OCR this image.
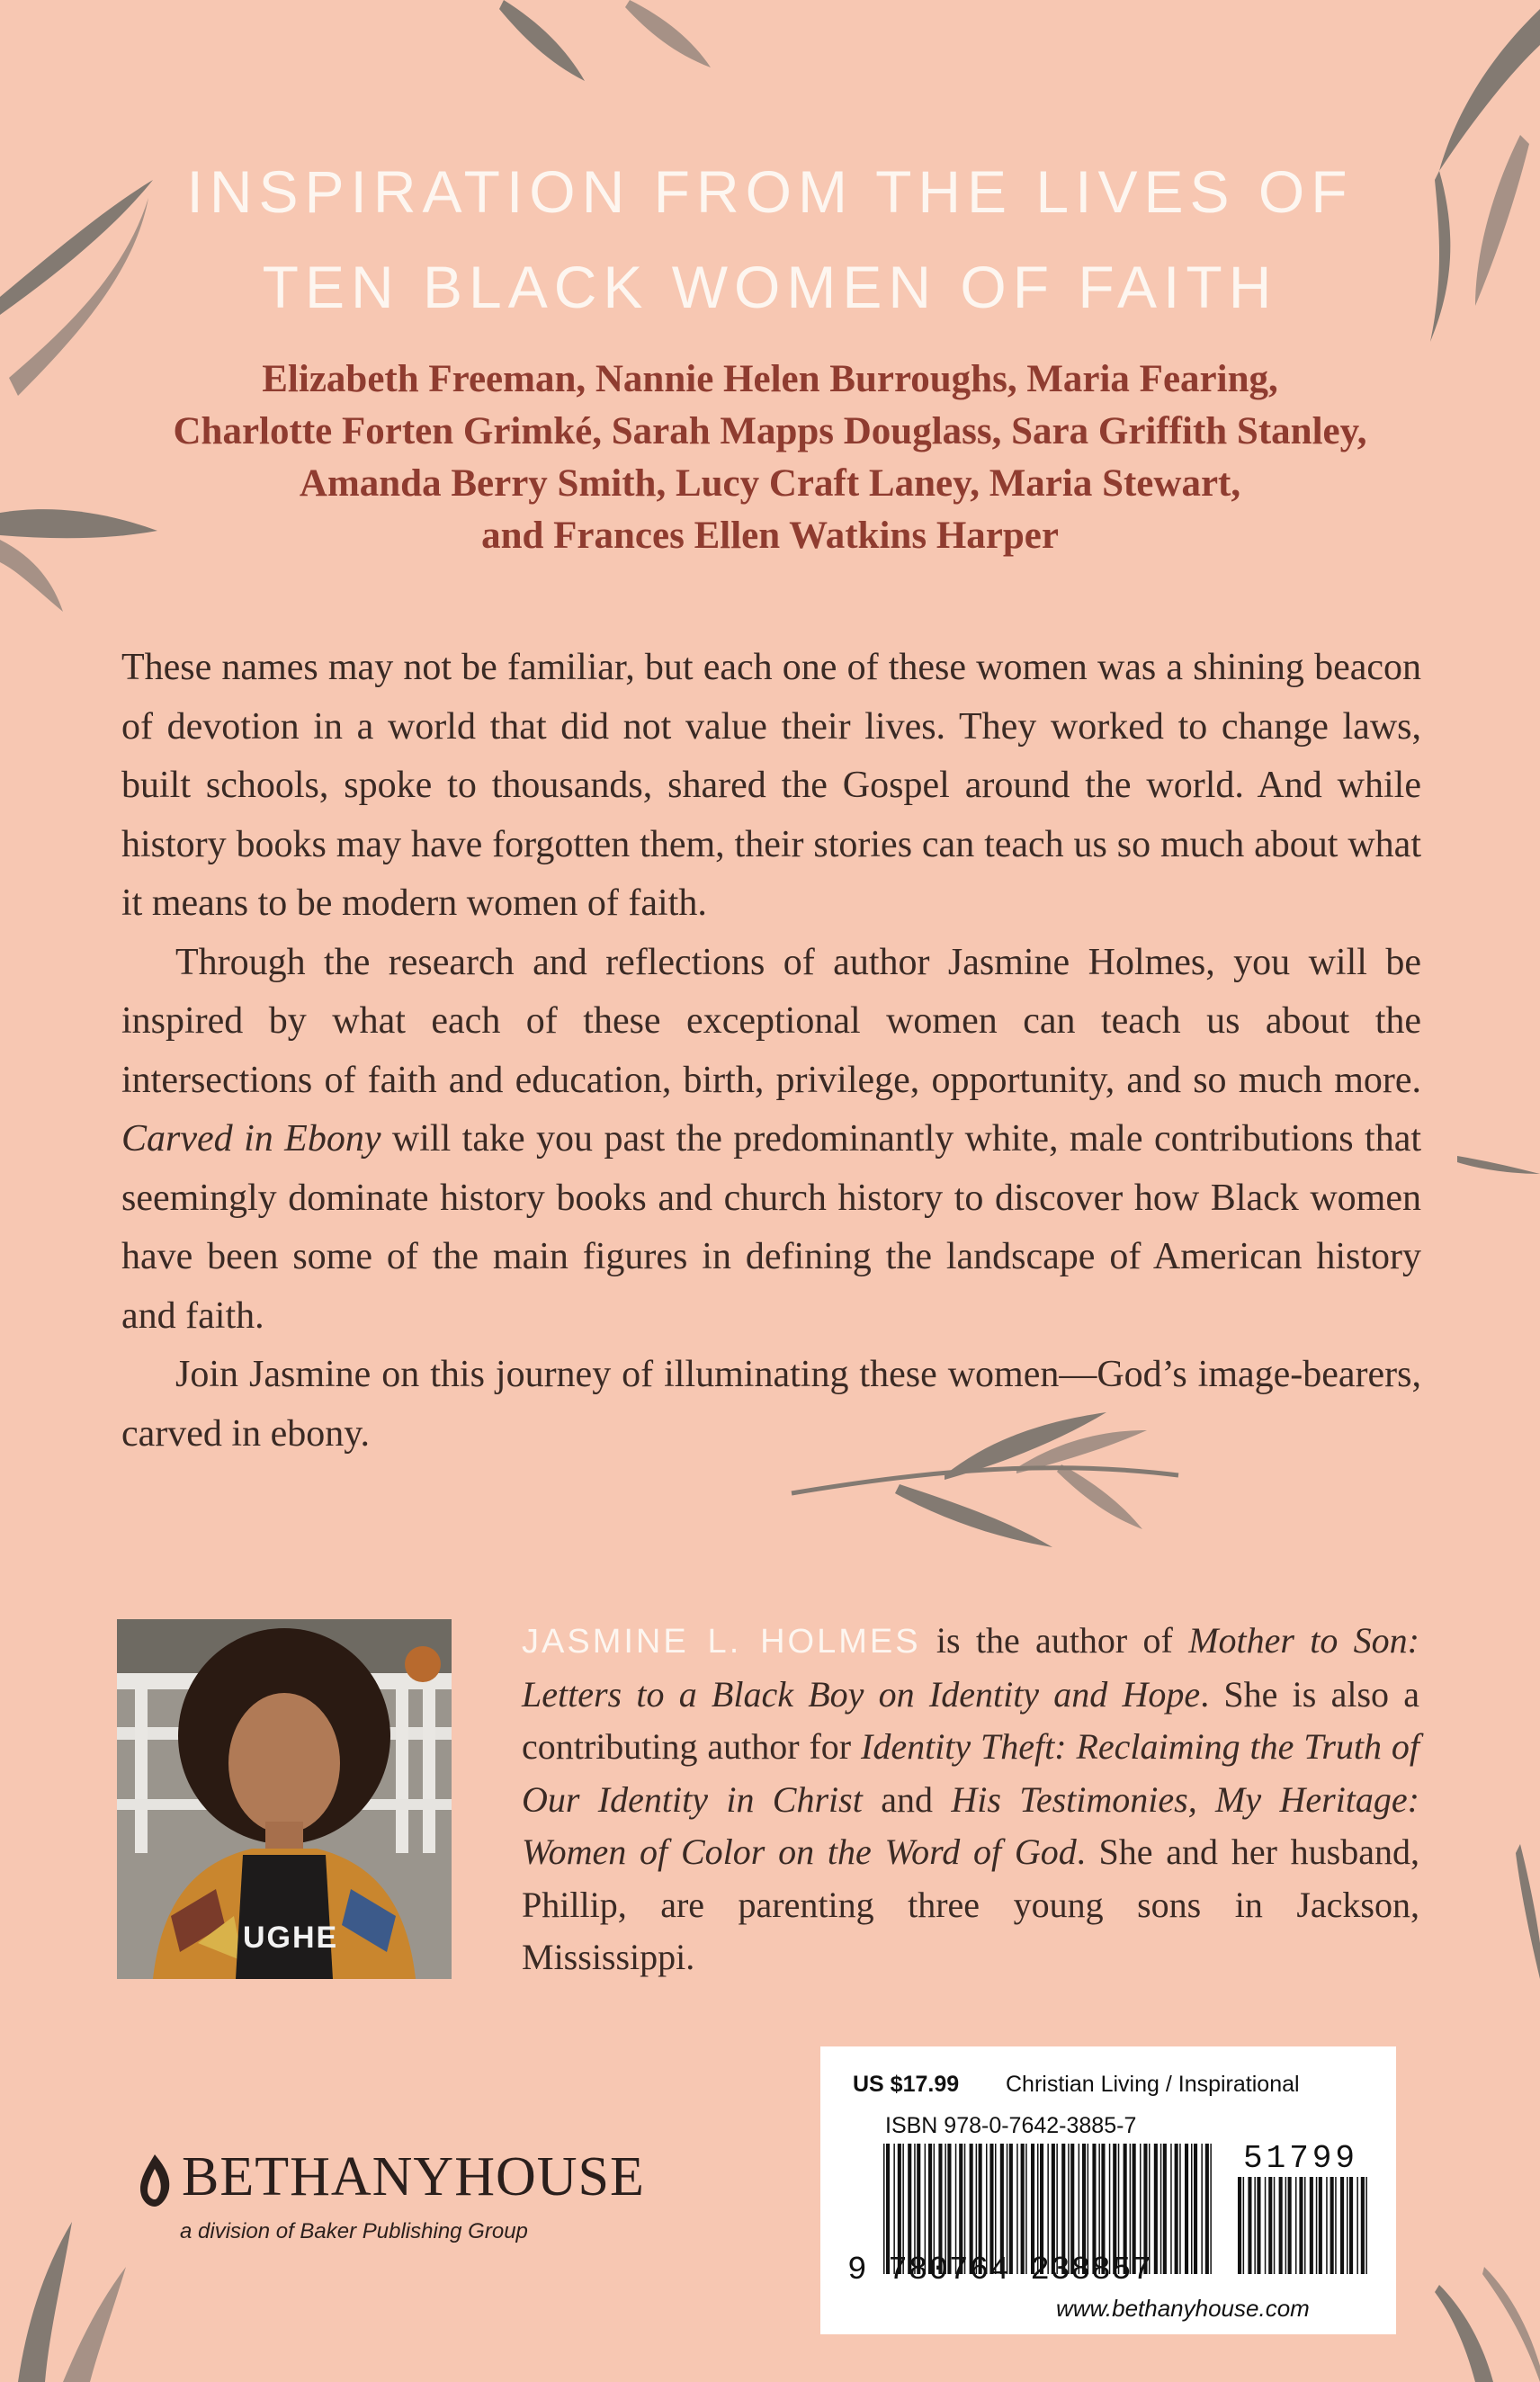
INSPIRATION FROM THE LIVES OF
TEN BLACK WOMEN OF FAITH
Elizabeth Freeman, Nannie Helen Burroughs, Maria Fearing,
Charlotte Forten Grimké, Sarah Mapps Douglass, Sara Griffith Stanley,
Amanda Berry Smith, Lucy Craft Laney, Maria Stewart,
and Frances Ellen Watkins Harper

These names may not be familiar, but each one of these women was a shining beacon of devotion in a world that did not value their lives. They worked to change laws, built schools, spoke to thousands, shared the Gospel around the world. And while history books may have forgotten them, their stories can teach us so much about what it means to be modern women of faith.

Through the research and reflections of author Jasmine Holmes, you will be inspired by what each of these exceptional women can teach us about the intersections of faith and education, birth, privilege, opportunity, and so much more. Carved in Ebony will take you past the predominantly white, male contributions that seemingly dominate history books and church history to discover how Black women have been some of the main figures in defining the landscape of American history and faith.

Join Jasmine on this journey of illuminating these women—God’s image-bearers, carved in ebony.

UGHE
JASMINE L. HOLMES is the author of Mother to Son: Letters to a Black Boy on Identity and Hope. She is also a contributing author for Identity Theft: Reclaiming the Truth of Our Identity in Christ and His Testimonies, My Heritage: Women of Color on the Word of God. She and her husband, Phillip, are parenting three young sons in Jackson, Mississippi.
BETHANYHOUSE
a division of Baker Publishing Group
US $17.99 Christian Living / Inspirational
ISBN 978-0-7642-3885-7
51799
9 780764 238857
www.bethanyhouse.com
